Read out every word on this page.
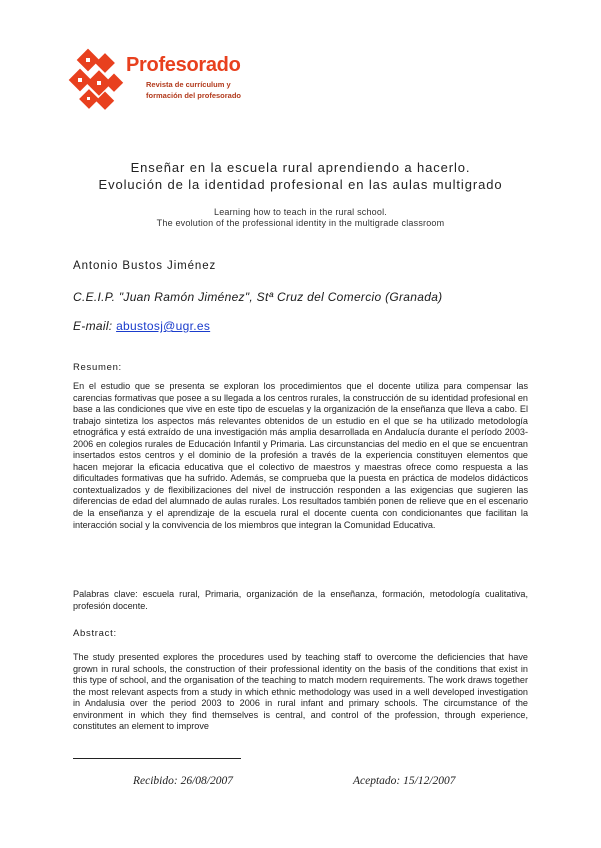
Profesorado
Revista de currículum y
formación del profesorado
Enseñar en la escuela rural aprendiendo a hacerlo.
Evolución de la identidad profesional en las aulas multigrado
Learning how to teach in the rural school.
The evolution of the professional identity in the multigrade classroom
Antonio Bustos Jiménez
C.E.I.P. "Juan Ramón Jiménez", Stª Cruz del Comercio (Granada)
E-mail: abustosj@ugr.es
Resumen:
En el estudio que se presenta se exploran los procedimientos que el docente utiliza para compensar las carencias formativas que posee a su llegada a los centros rurales, la construcción de su identidad profesional en base a las condiciones que vive en este tipo de escuelas y la organización de la enseñanza que lleva a cabo. El trabajo sintetiza los aspectos más relevantes obtenidos de un estudio en el que se ha utilizado metodología etnográfica y está extraído de una investigación más amplia desarrollada en Andalucía durante el período 2003-2006 en colegios rurales de Educación Infantil y Primaria. Las circunstancias del medio en el que se encuentran insertados estos centros y el dominio de la profesión a través de la experiencia constituyen elementos que hacen mejorar la eficacia educativa que el colectivo de maestros y maestras ofrece como respuesta a las dificultades formativas que ha sufrido. Además, se comprueba que la puesta en práctica de modelos didácticos contextualizados y de flexibilizaciones del nivel de instrucción responden a las exigencias que sugieren las diferencias de edad del alumnado de aulas rurales. Los resultados también ponen de relieve que en el escenario de la enseñanza y el aprendizaje de la escuela rural el docente cuenta con condicionantes que facilitan la interacción social y la convivencia de los miembros que integran la Comunidad Educativa.
Palabras clave: escuela rural, Primaria, organización de la enseñanza, formación, metodología cualitativa, profesión docente.
Abstract:
The study presented explores the procedures used by teaching staff to overcome the deficiencies that have grown in rural schools, the construction of their professional identity on the basis of the conditions that exist in this type of school, and the organisation of the teaching to match modern requirements. The work draws together the most relevant aspects from a study in which ethnic methodology was used in a well developed investigation in Andalusia over the period 2003 to 2006 in rural infant and primary schools. The circumstance of the environment in which they find themselves is central, and control of the profession, through experience, constitutes an element to improve
Recibido: 26/08/2007	Aceptado: 15/12/2007
